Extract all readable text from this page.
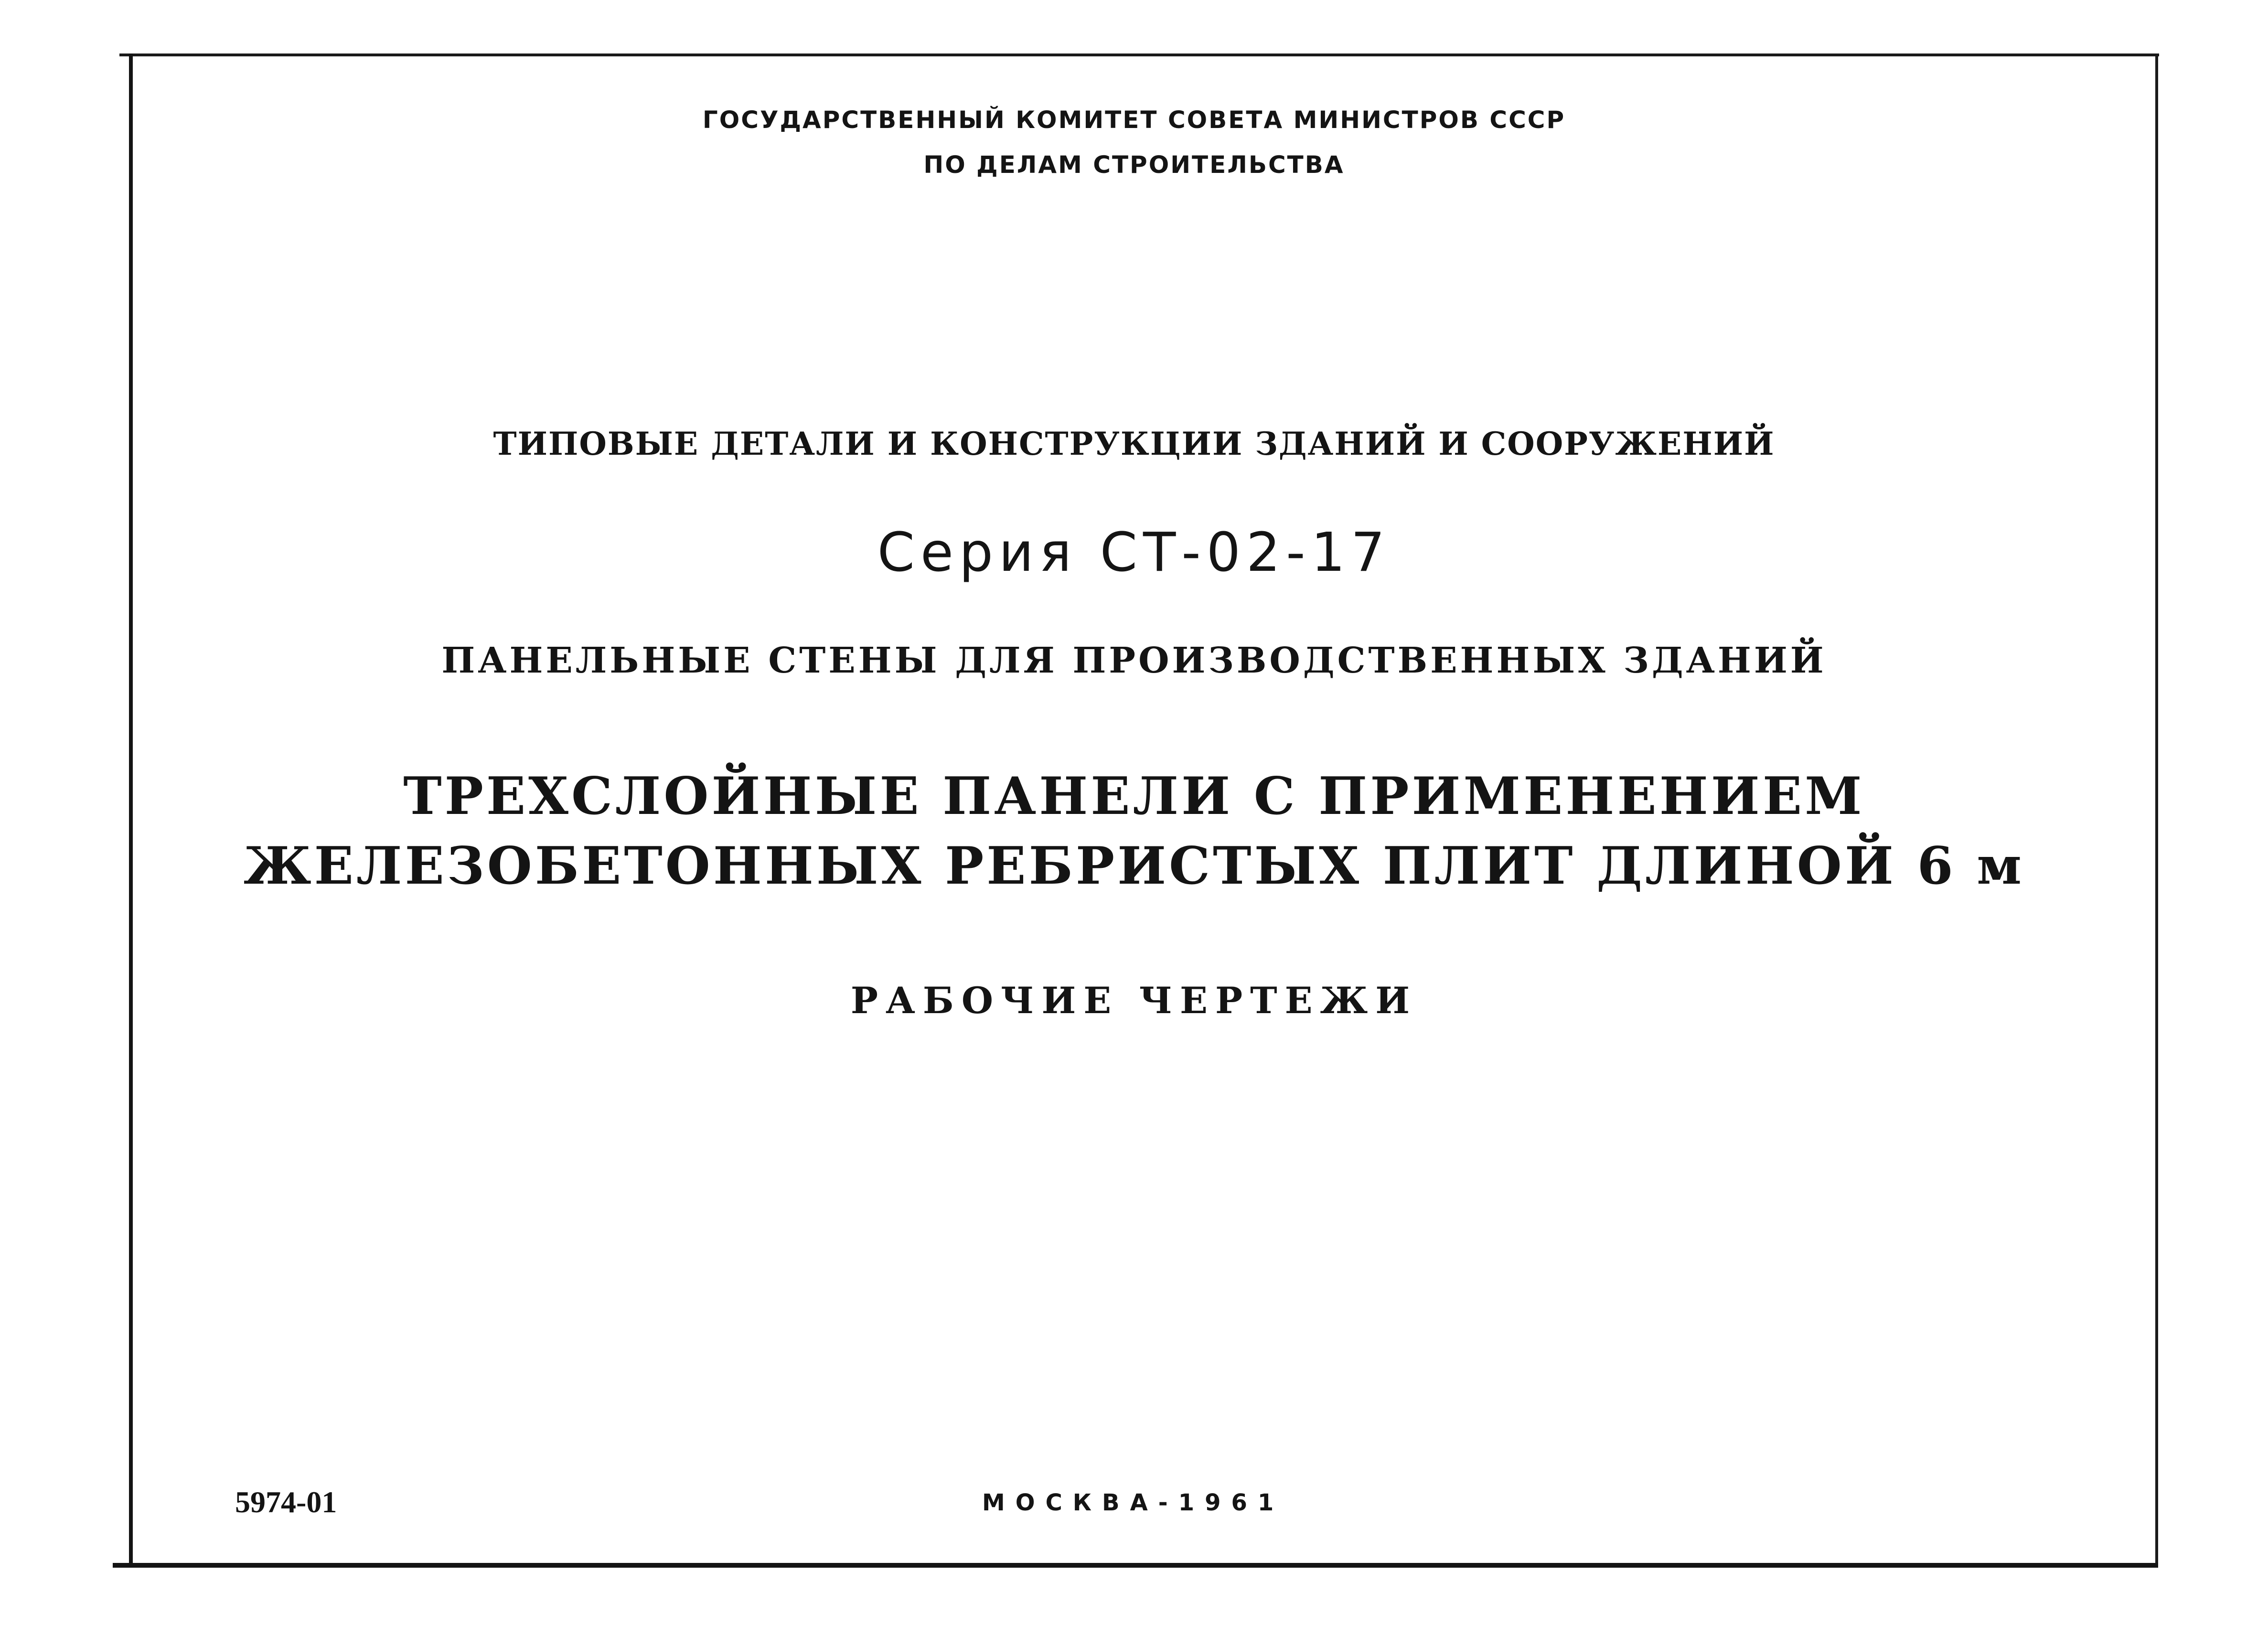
ГОСУДАРСТВЕННЫЙ КОМИТЕТ СОВЕТА МИНИСТРОВ СССР
ПО ДЕЛАМ СТРОИТЕЛЬСТВА
ТИПОВЫЕ ДЕТАЛИ И КОНСТРУКЦИИ ЗДАНИЙ И СООРУЖЕНИЙ
Серия СТ-02-17
ПАНЕЛЬНЫЕ СТЕНЫ ДЛЯ ПРОИЗВОДСТВЕННЫХ ЗДАНИЙ
ТРЕХСЛОЙНЫЕ ПАНЕЛИ С ПРИМЕНЕНИЕМ
ЖЕЛЕЗОБЕТОННЫХ РЕБРИСТЫХ ПЛИТ ДЛИНОЙ 6 м
РАБОЧИЕ ЧЕРТЕЖИ
5974-01	МОСКВА-1961
